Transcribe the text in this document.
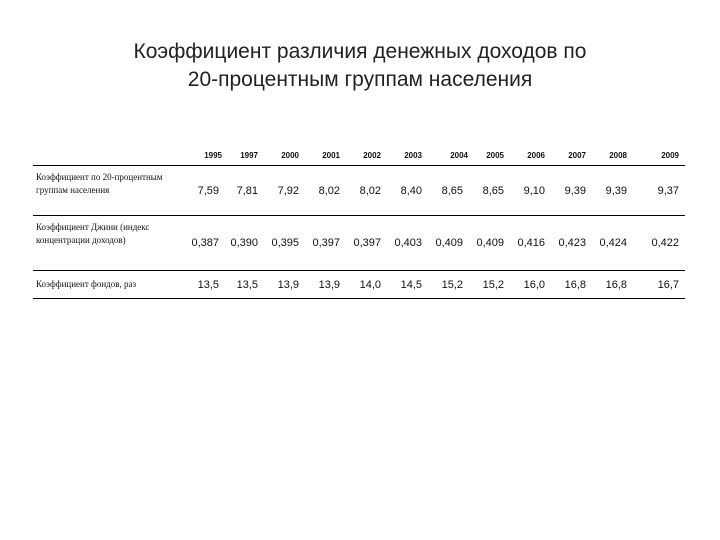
Коэффициент различия денежных доходов по
20-процентным группам населения
	1995	1997	2000	2001	2002	2003	2004	2005	2006	2007	2008	2009
Коэффициент по 20-процентным группам населения	7,59	7,81	7,92	8,02	8,02	8,40	8,65	8,65	9,10	9,39	9,39	9,37
Коэффициент Джини (индекс концентрации доходов)	0,387	0,390	0,395	0,397	0,397	0,403	0,409	0,409	0,416	0,423	0,424	0,422
Коэффициент фондов, раз	13,5	13,5	13,9	13,9	14,0	14,5	15,2	15,2	16,0	16,8	16,8	16,7
